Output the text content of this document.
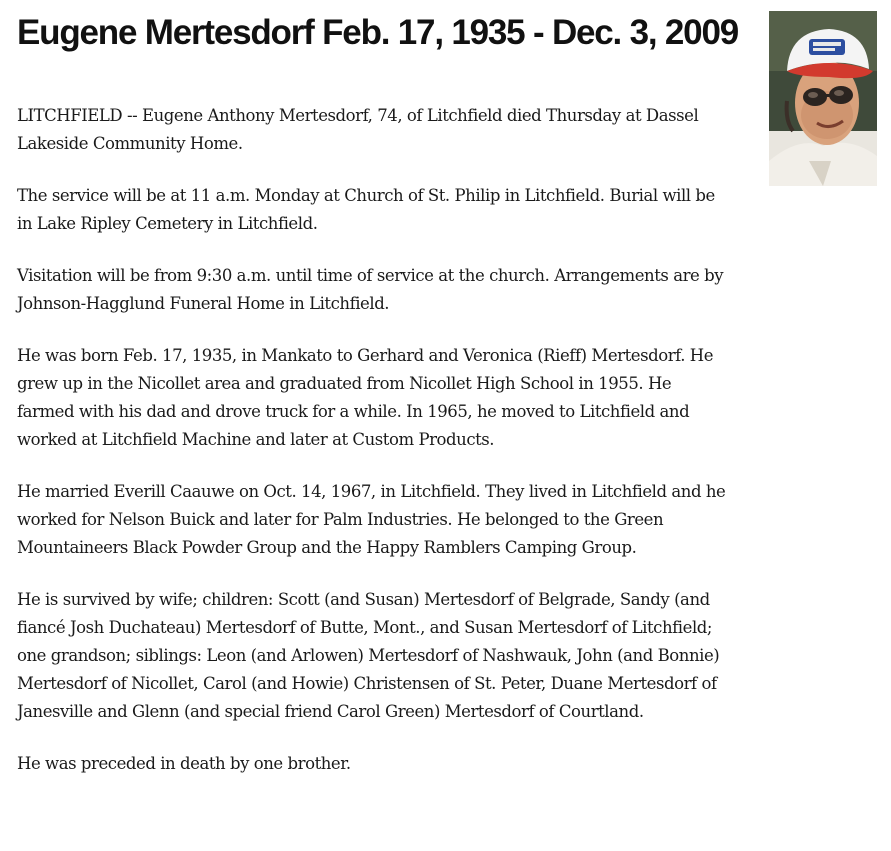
Eugene Mertesdorf Feb. 17, 1935 - Dec. 3, 2009

LITCHFIELD -- Eugene Anthony Mertesdorf, 74, of Litchfield died Thursday at Dassel Lakeside Community Home.

The service will be at 11 a.m. Monday at Church of St. Philip in Litchfield. Burial will be in Lake Ripley Cemetery in Litchfield.

Visitation will be from 9:30 a.m. until time of service at the church. Arrangements are by Johnson-Hagglund Funeral Home in Litchfield.

He was born Feb. 17, 1935, in Mankato to Gerhard and Veronica (Rieff) Mertesdorf. He grew up in the Nicollet area and graduated from Nicollet High School in 1955. He farmed with his dad and drove truck for a while. In 1965, he moved to Litchfield and worked at Litchfield Machine and later at Custom Products.

He married Everill Caauwe on Oct. 14, 1967, in Litchfield. They lived in Litchfield and he worked for Nelson Buick and later for Palm Industries. He belonged to the Green Mountaineers Black Powder Group and the Happy Ramblers Camping Group.

He is survived by wife; children: Scott (and Susan) Mertesdorf of Belgrade, Sandy (and fiancé Josh Duchateau) Mertesdorf of Butte, Mont., and Susan Mertesdorf of Litchfield; one grandson; siblings: Leon (and Arlowen) Mertesdorf of Nashwauk, John (and Bonnie) Mertesdorf of Nicollet, Carol (and Howie) Christensen of St. Peter, Duane Mertesdorf of Janesville and Glenn (and special friend Carol Green) Mertesdorf of Courtland.

He was preceded in death by one brother.
